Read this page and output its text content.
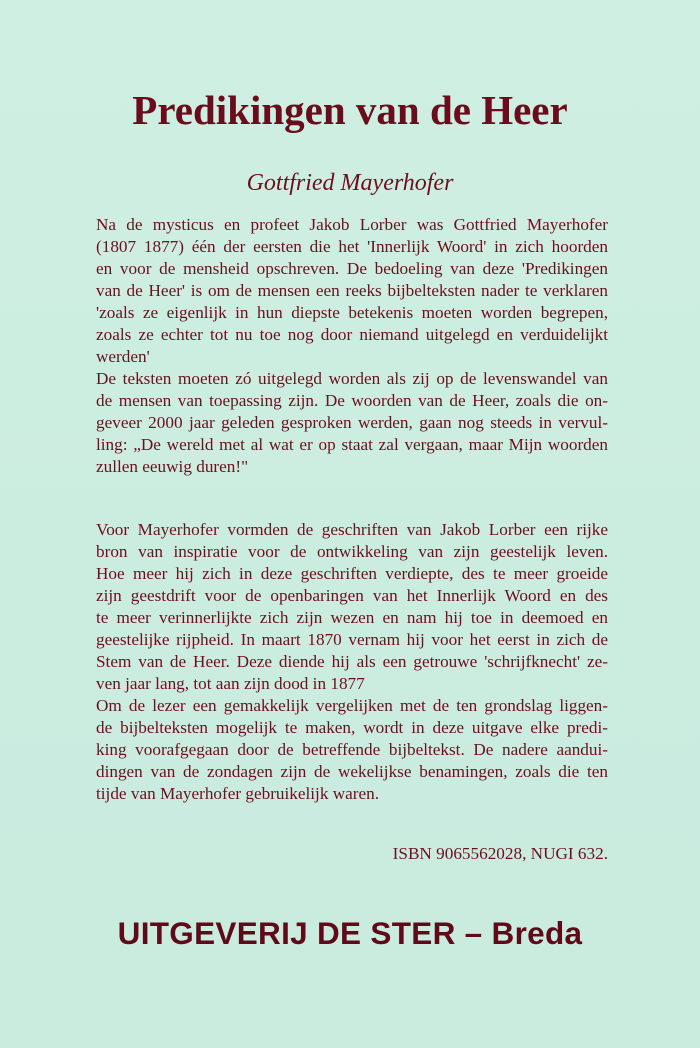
Predikingen van de Heer
Gottfried Mayerhofer
Na de mysticus en profeet Jakob Lorber was Gottfried Mayerhofer
(1807 1877) één der eersten die het 'Innerlijk Woord' in zich hoorden
en voor de mensheid opschreven. De bedoeling van deze 'Predikingen
van de Heer' is om de mensen een reeks bijbelteksten nader te verklaren
'zoals ze eigenlijk in hun diepste betekenis moeten worden begrepen,
zoals ze echter tot nu toe nog door niemand uitgelegd en verduidelijkt
werden'
De teksten moeten zó uitgelegd worden als zij op de levenswandel van
de mensen van toepassing zijn. De woorden van de Heer, zoals die on-
geveer 2000 jaar geleden gesproken werden, gaan nog steeds in vervul-
ling: „De wereld met al wat er op staat zal vergaan, maar Mijn woorden
zullen eeuwig duren!"
Voor Mayerhofer vormden de geschriften van Jakob Lorber een rijke
bron van inspiratie voor de ontwikkeling van zijn geestelijk leven.
Hoe meer hij zich in deze geschriften verdiepte, des te meer groeide
zijn geestdrift voor de openbaringen van het Innerlijk Woord en des
te meer verinnerlijkte zich zijn wezen en nam hij toe in deemoed en
geestelijke rijpheid. In maart 1870 vernam hij voor het eerst in zich de
Stem van de Heer. Deze diende hij als een getrouwe 'schrijfknecht' ze-
ven jaar lang, tot aan zijn dood in 1877
Om de lezer een gemakkelijk vergelijken met de ten grondslag liggen-
de bijbelteksten mogelijk te maken, wordt in deze uitgave elke predi-
king voorafgegaan door de betreffende bijbeltekst. De nadere aandui-
dingen van de zondagen zijn de wekelijkse benamingen, zoals die ten
tijde van Mayerhofer gebruikelijk waren.
ISBN 9065562028, NUGI 632.
UITGEVERIJ DE STER – Breda
